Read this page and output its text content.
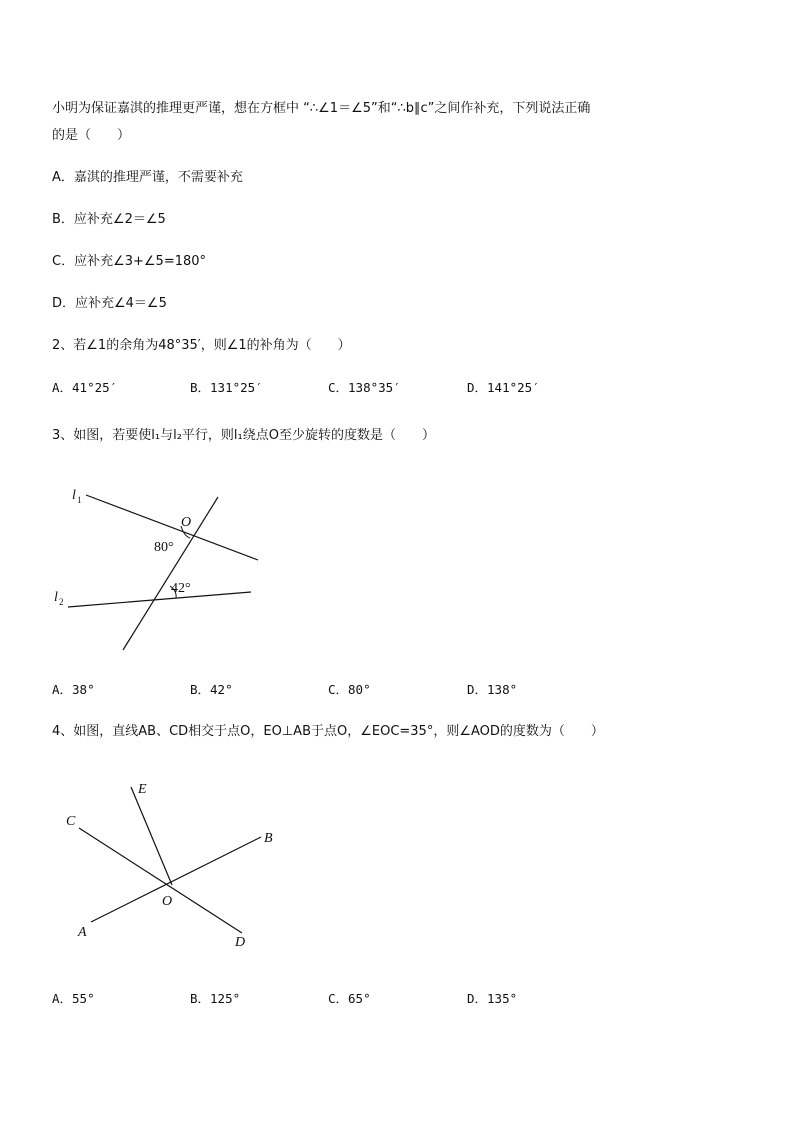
小明为保证嘉淇的推理更严谨，想在方框中 “∴∠1＝∠5”和“∴b∥c”之间作补充，下列说法正确
的是（　　）
A．嘉淇的推理严谨，不需要补充
B．应补充∠2＝∠5
C．应补充∠3+∠5=180°
D．应补充∠4＝∠5
2、若∠1的余角为48°35′，则∠1的补角为（　　）
A．41°25′	B．131°25′	C．138°35′	D．141°25′
3、如图，若要使l₁与l₂平行，则l₁绕点O至少旋转的度数是（　　）
l 1
l 2
O
80°
42°
A．38°	B．42°	C．80°	D．138°
4、如图，直线AB、CD相交于点O，EO⊥AB于点O，∠EOC=35°，则∠AOD的度数为（　　）
E
C
B
O
A
D
A．55°	B．125°	C．65°	D．135°
